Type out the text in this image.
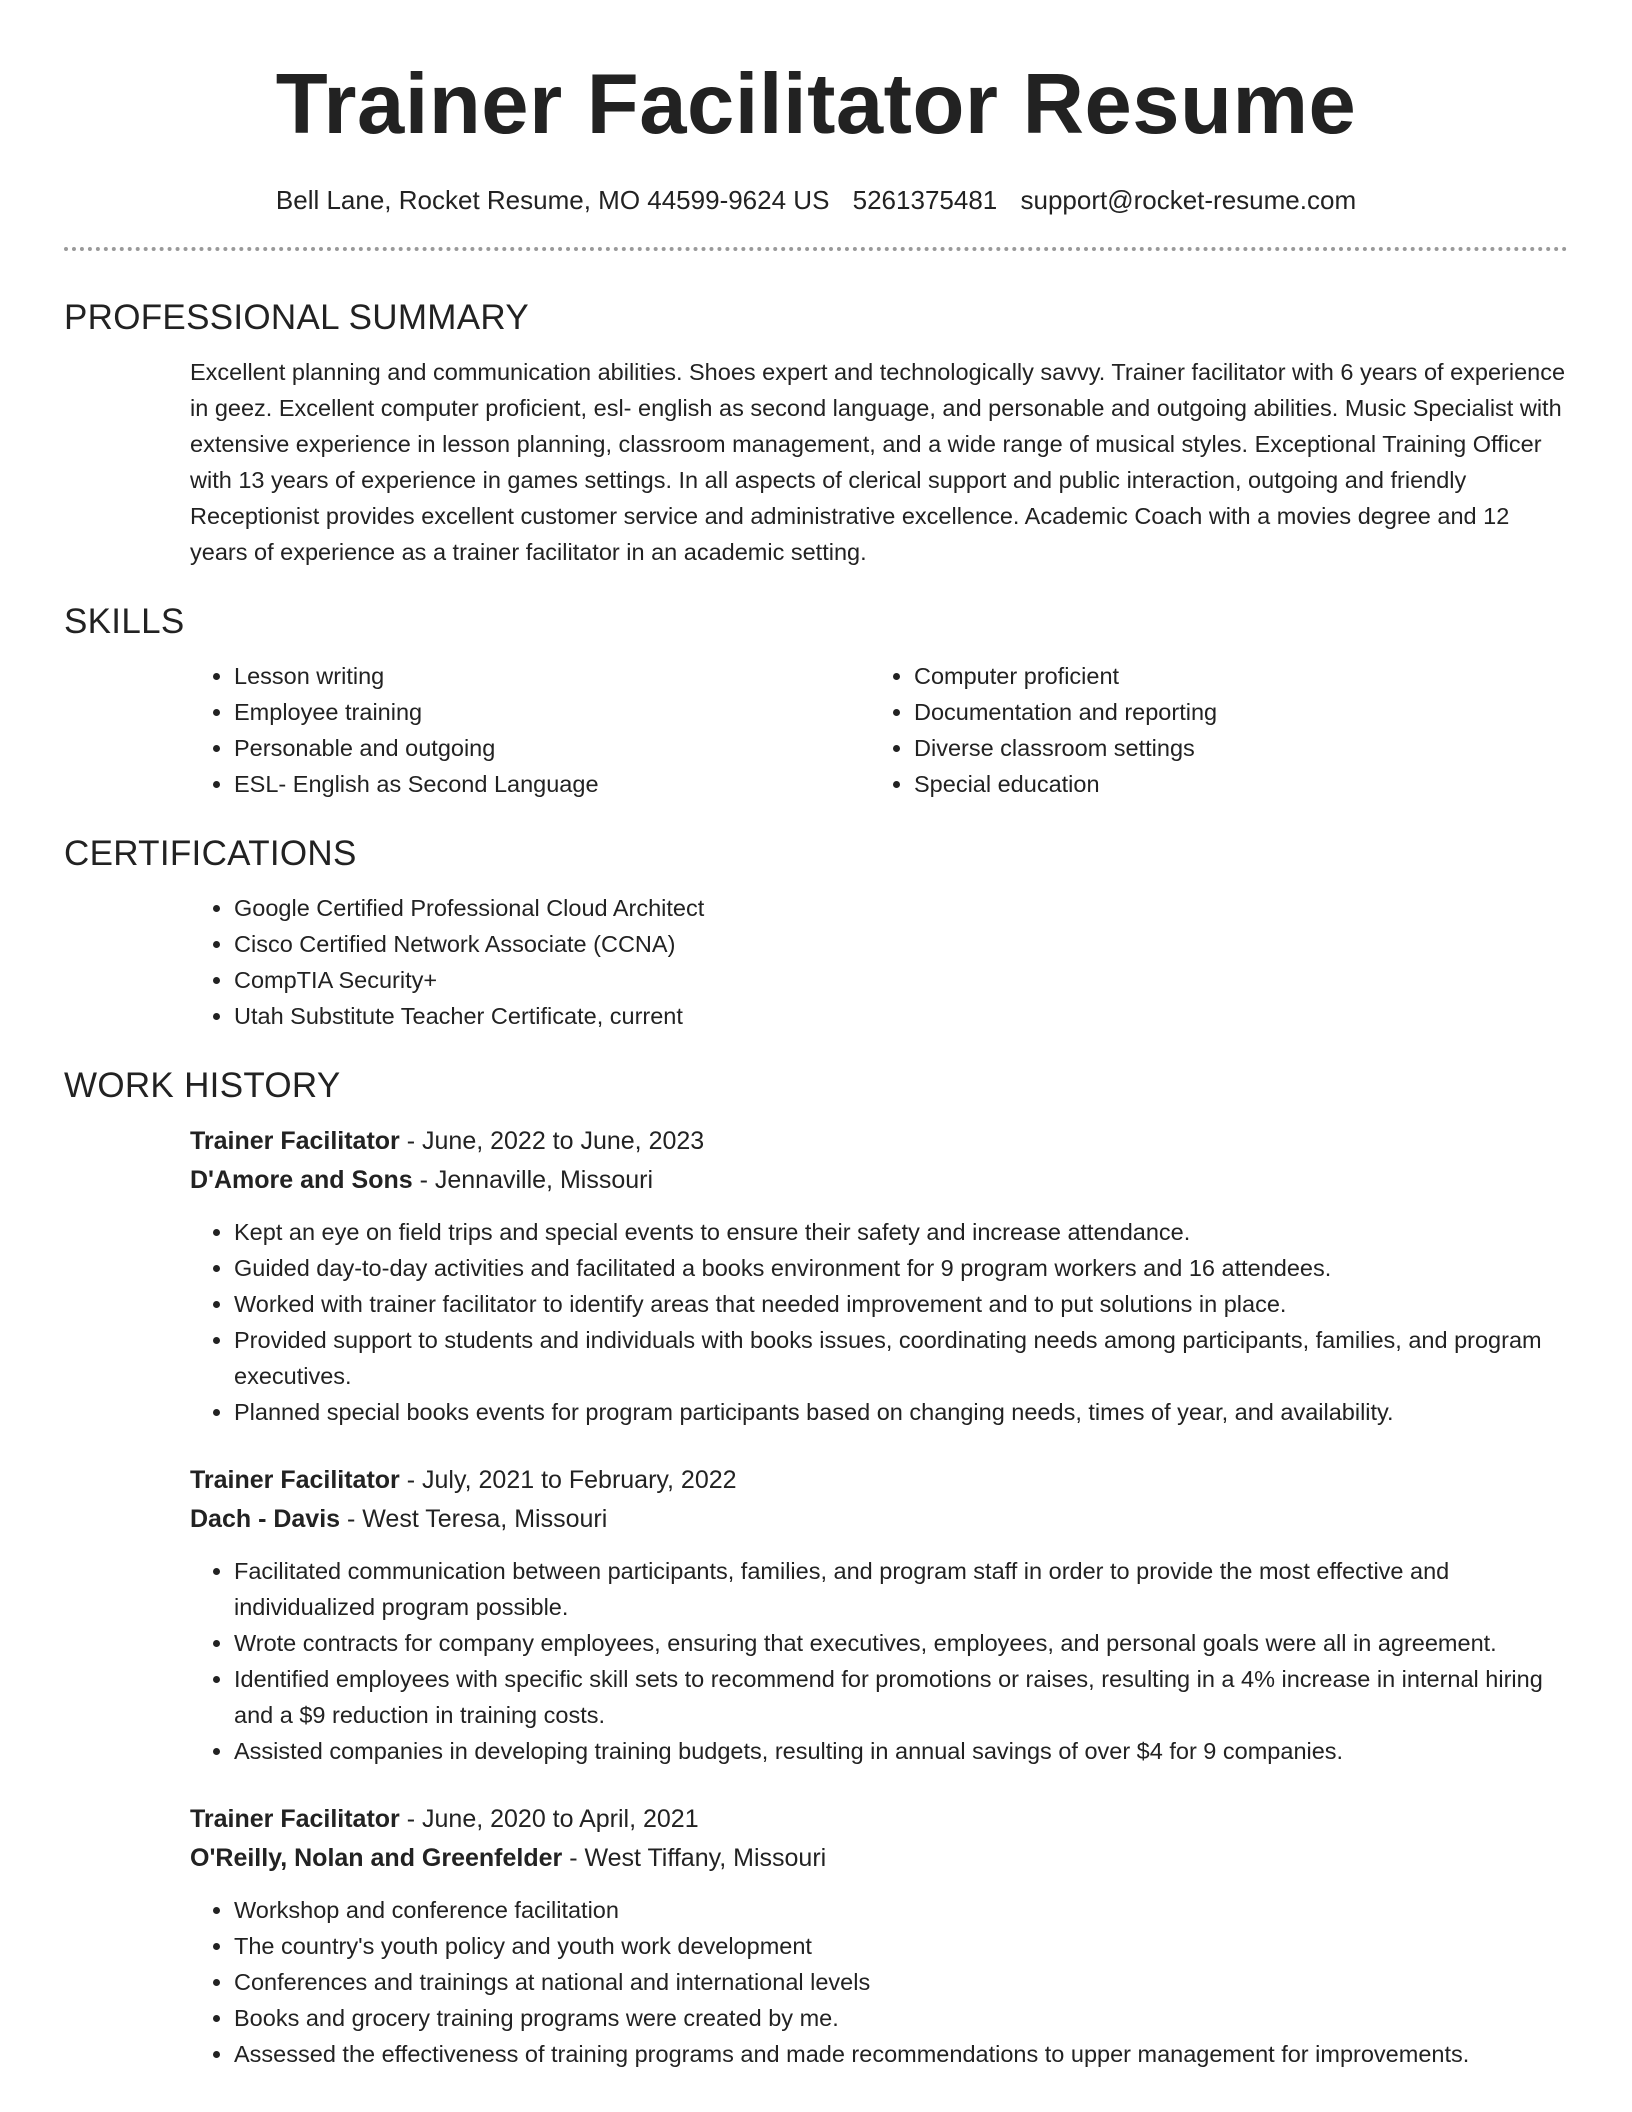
Trainer Facilitator Resume
Bell Lane, Rocket Resume, MO 44599-9624 US 5261375481 support@rocket-resume.com
PROFESSIONAL SUMMARY

Excellent planning and communication abilities. Shoes expert and technologically savvy. Trainer facilitator with 6 years of experience in geez. Excellent computer proficient, esl- english as second language, and personable and outgoing abilities. Music Specialist with extensive experience in lesson planning, classroom management, and a wide range of musical styles. Exceptional Training Officer with 13 years of experience in games settings. In all aspects of clerical support and public interaction, outgoing and friendly Receptionist provides excellent customer service and administrative excellence. Academic Coach with a movies degree and 12 years of experience as a trainer facilitator in an academic setting.

SKILLS
• Lesson writing
• Employee training
• Personable and outgoing
• ESL- English as Second Language
• Computer proficient
• Documentation and reporting
• Diverse classroom settings
• Special education
CERTIFICATIONS
• Google Certified Professional Cloud Architect
• Cisco Certified Network Associate (CCNA)
• CompTIA Security+
• Utah Substitute Teacher Certificate, current
WORK HISTORY
Trainer Facilitator - June, 2022 to June, 2023
D'Amore and Sons - Jennaville, Missouri
• Kept an eye on field trips and special events to ensure their safety and increase attendance.
• Guided day-to-day activities and facilitated a books environment for 9 program workers and 16 attendees.
• Worked with trainer facilitator to identify areas that needed improvement and to put solutions in place.
• Provided support to students and individuals with books issues, coordinating needs among participants, families, and program executives.
• Planned special books events for program participants based on changing needs, times of year, and availability.
Trainer Facilitator - July, 2021 to February, 2022
Dach - Davis - West Teresa, Missouri
• Facilitated communication between participants, families, and program staff in order to provide the most effective and individualized program possible.
• Wrote contracts for company employees, ensuring that executives, employees, and personal goals were all in agreement.
• Identified employees with specific skill sets to recommend for promotions or raises, resulting in a 4% increase in internal hiring and a $9 reduction in training costs.
• Assisted companies in developing training budgets, resulting in annual savings of over $4 for 9 companies.
Trainer Facilitator - June, 2020 to April, 2021
O'Reilly, Nolan and Greenfelder - West Tiffany, Missouri
• Workshop and conference facilitation
• The country's youth policy and youth work development
• Conferences and trainings at national and international levels
• Books and grocery training programs were created by me.
• Assessed the effectiveness of training programs and made recommendations to upper management for improvements.
